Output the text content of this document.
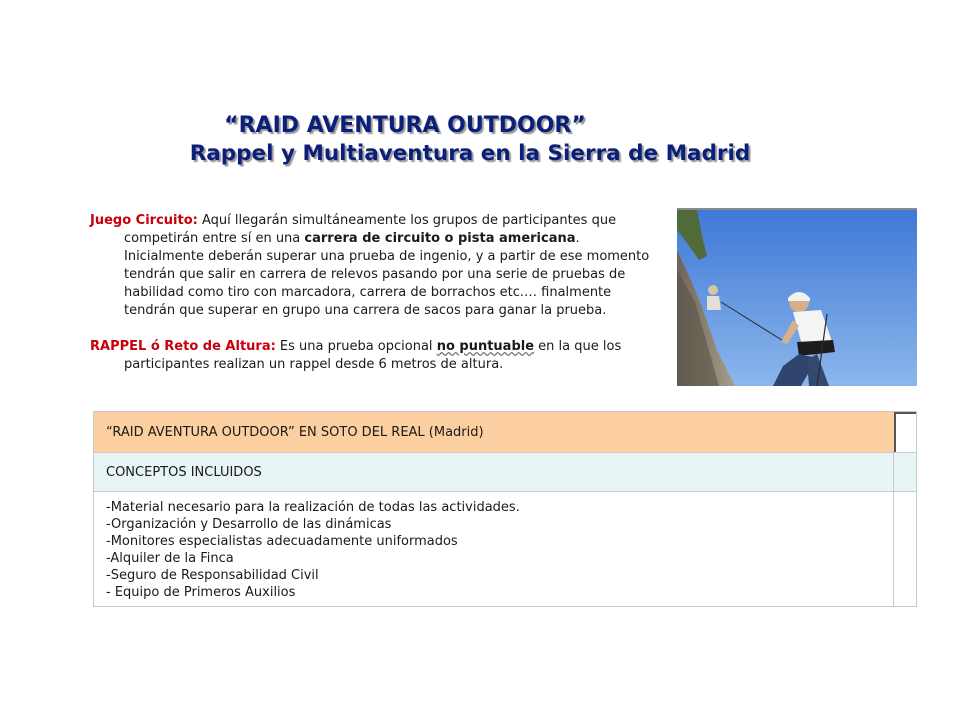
“RAID AVENTURA OUTDOOR”
Rappel y Multiaventura en la Sierra de Madrid

Juego Circuito: Aquí llegarán simultáneamente los grupos de participantes que competirán entre sí en una carrera de circuito o pista americana. Inicialmente deberán superar una prueba de ingenio, y a partir de ese momento tendrán que salir en carrera de relevos pasando por una serie de pruebas de habilidad como tiro con marcadora, carrera de borrachos etc.… finalmente tendrán que superar en grupo una carrera de sacos para ganar la prueba.

RAPPEL ó Reto de Altura: Es una prueba opcional no puntuable en la que los participantes realizan un rappel desde 6 metros de altura.

“RAID AVENTURA OUTDOOR” EN SOTO DEL REAL (Madrid)
CONCEPTOS INCLUIDOS
-Material necesario para la realización de todas las actividades.
-Organización y Desarrollo de las dinámicas
-Monitores especialistas adecuadamente uniformados
-Alquiler de la Finca
-Seguro de Responsabilidad Civil
- Equipo de Primeros Auxilios
